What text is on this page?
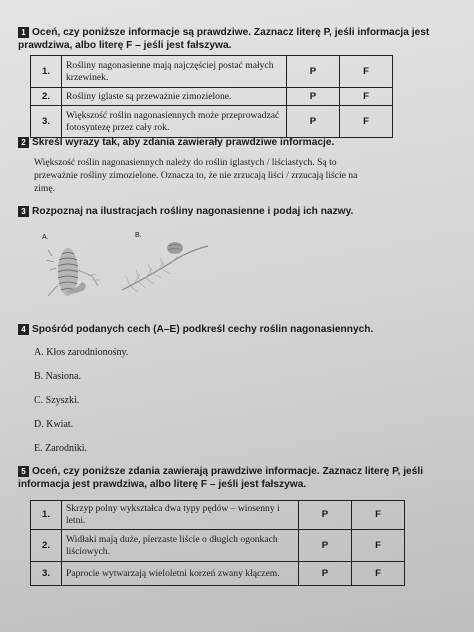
1 Oceń, czy poniższe informacje są prawdziwe. Zaznacz literę P, jeśli informacja jest prawdziwa, albo literę F – jeśli jest fałszywa.
1.	Rośliny nagonasienne mają najczęściej postać małych krzewinek.	P	F
2.	Rośliny iglaste są przeważnie zimozielone.	P	F
3.	Większość roślin nagonasiennych może przeprowadzać fotosyntezę przez cały rok.	P	F
2 Skreśl wyrazy tak, aby zdania zawierały prawdziwe informacje.
Większość roślin nagonasiennych należy do roślin iglastych / liściastych. Są to przeważnie rośliny zimozielone. Oznacza to, że nie zrzucają liści / zrzucają liście na zimę.
3 Rozpoznaj na ilustracjach rośliny nagonasienne i podaj ich nazwy.
A.	B.
4 Spośród podanych cech (A–E) podkreśl cechy roślin nagonasiennych.
A. Kłos zarodnionośny.
B. Nasiona.
C. Szyszki.
D. Kwiat.
E. Zarodniki.
5 Oceń, czy poniższe zdania zawierają prawdziwe informacje. Zaznacz literę P, jeśli informacja jest prawdziwa, albo literę F – jeśli jest fałszywa.
1.	Skrzyp polny wykształca dwa typy pędów – wiosenny i letni.	P	F
2.	Widłaki mają duże, pierzaste liście o długich ogonkach liściowych.	P	F
3.	Paprocie wytwarzają wieloletni korzeń zwany kłączem.	P	F
